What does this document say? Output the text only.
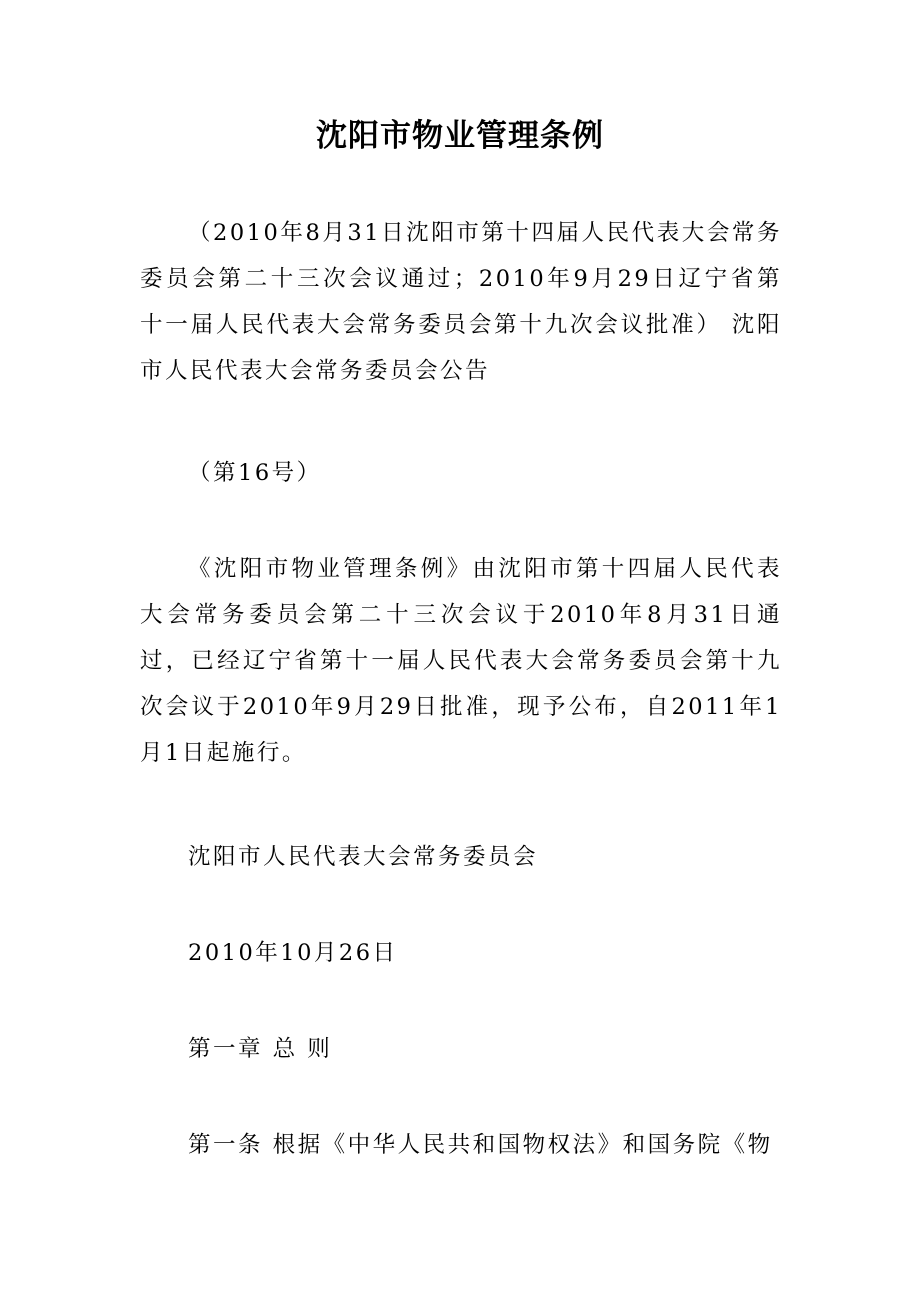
沈阳市物业管理条例
（2010年8月31日沈阳市第十四届人民代表大会常务委员会第二十三次会议通过；2010年9月29日辽宁省第十一届人民代表大会常务委员会第十九次会议批准） 沈阳市人民代表大会常务委员会公告
（第16号）
《沈阳市物业管理条例》由沈阳市第十四届人民代表大会常务委员会第二十三次会议于2010年8月31日通过，已经辽宁省第十一届人民代表大会常务委员会第十九次会议于2010年9月29日批准，现予公布，自2011年1月1日起施行。
沈阳市人民代表大会常务委员会
2010年10月26日
第一章 总 则
第一条 根据《中华人民共和国物权法》和国务院《物
